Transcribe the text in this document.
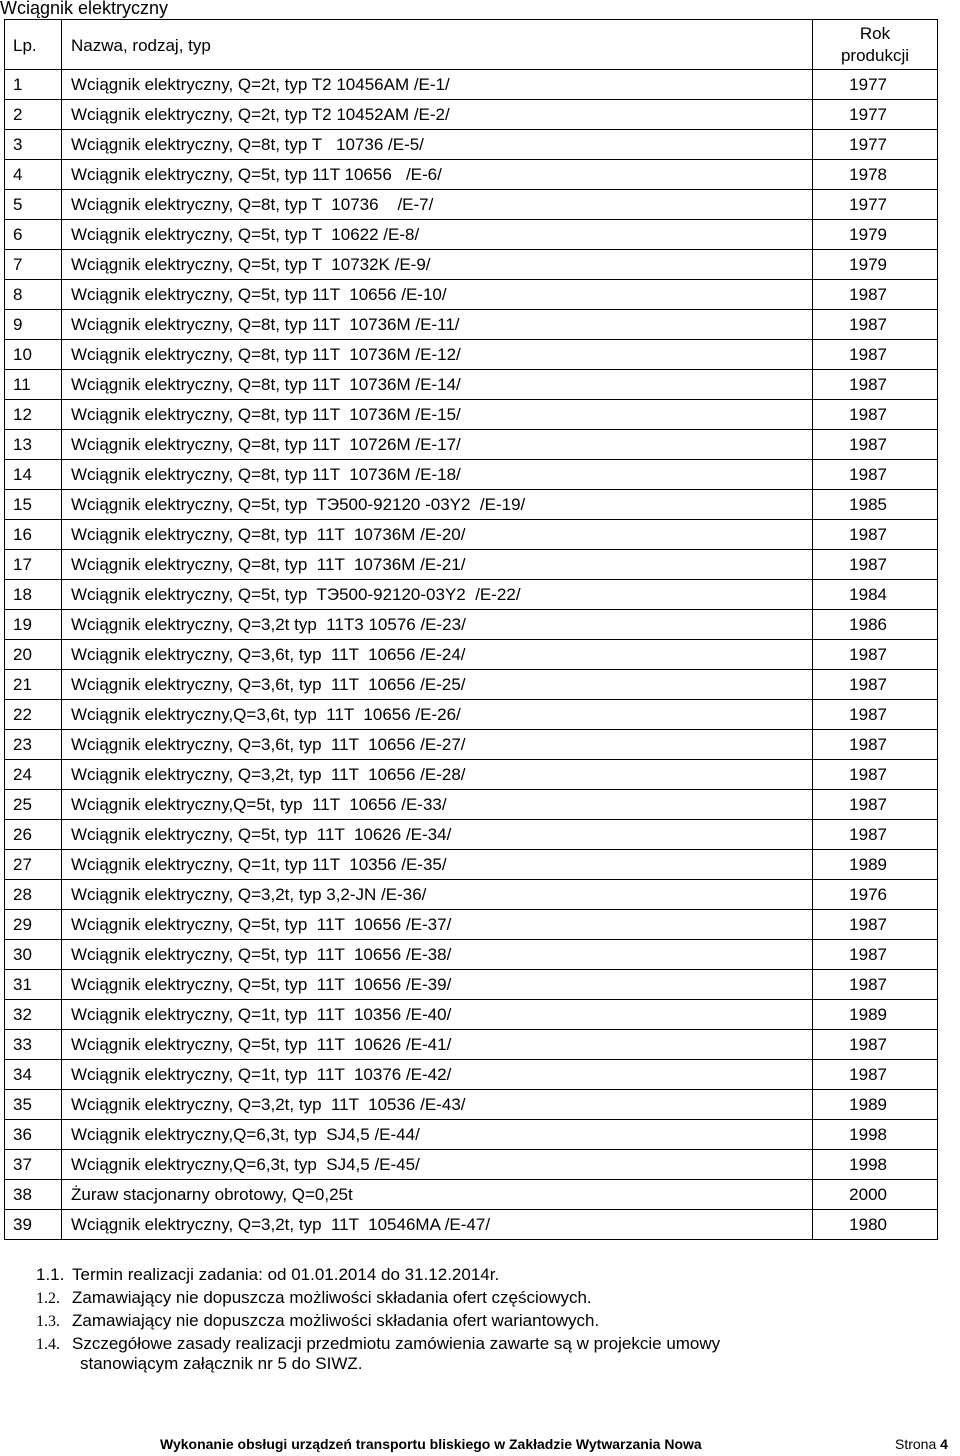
Wciągnik elektryczny
Lp.	Nazwa, rodzaj, typ	Rok
produkcji
1	Wciągnik elektryczny, Q=2t, typ T2 10456AM /E-1/	1977
2	Wciągnik elektryczny, Q=2t, typ T2 10452AM /E-2/	1977
3	Wciągnik elektryczny, Q=8t, typ T   10736 /E-5/	1977
4	Wciągnik elektryczny, Q=5t, typ 11T 10656   /E-6/	1978
5	Wciągnik elektryczny, Q=8t, typ T  10736    /E-7/	1977
6	Wciągnik elektryczny, Q=5t, typ T  10622 /E-8/	1979
7	Wciągnik elektryczny, Q=5t, typ T  10732K /E-9/	1979
8	Wciągnik elektryczny, Q=5t, typ 11T  10656 /E-10/	1987
9	Wciągnik elektryczny, Q=8t, typ 11T  10736M /E-11/	1987
10	Wciągnik elektryczny, Q=8t, typ 11T  10736M /E-12/	1987
11	Wciągnik elektryczny, Q=8t, typ 11T  10736M /E-14/	1987
12	Wciągnik elektryczny, Q=8t, typ 11T  10736M /E-15/	1987
13	Wciągnik elektryczny, Q=8t, typ 11T  10726M /E-17/	1987
14	Wciągnik elektryczny, Q=8t, typ 11T  10736M /E-18/	1987
15	Wciągnik elektryczny, Q=5t, typ  TЭ500-92120 -03Y2  /E-19/	1985
16	Wciągnik elektryczny, Q=8t, typ  11T  10736M /E-20/	1987
17	Wciągnik elektryczny, Q=8t, typ  11T  10736M /E-21/	1987
18	Wciągnik elektryczny, Q=5t, typ  TЭ500-92120-03Y2  /E-22/	1984
19	Wciągnik elektryczny, Q=3,2t typ  11T3 10576 /E-23/	1986
20	Wciągnik elektryczny, Q=3,6t, typ  11T  10656 /E-24/	1987
21	Wciągnik elektryczny, Q=3,6t, typ  11T  10656 /E-25/	1987
22	Wciągnik elektryczny,Q=3,6t, typ  11T  10656 /E-26/	1987
23	Wciągnik elektryczny, Q=3,6t, typ  11T  10656 /E-27/	1987
24	Wciągnik elektryczny, Q=3,2t, typ  11T  10656 /E-28/	1987
25	Wciągnik elektryczny,Q=5t, typ  11T  10656 /E-33/	1987
26	Wciągnik elektryczny, Q=5t, typ  11T  10626 /E-34/	1987
27	Wciągnik elektryczny, Q=1t, typ 11T  10356 /E-35/	1989
28	Wciągnik elektryczny, Q=3,2t, typ 3,2-JN /E-36/	1976
29	Wciągnik elektryczny, Q=5t, typ  11T  10656 /E-37/	1987
30	Wciągnik elektryczny, Q=5t, typ  11T  10656 /E-38/	1987
31	Wciągnik elektryczny, Q=5t, typ  11T  10656 /E-39/	1987
32	Wciągnik elektryczny, Q=1t, typ  11T  10356 /E-40/	1989
33	Wciągnik elektryczny, Q=5t, typ  11T  10626 /E-41/	1987
34	Wciągnik elektryczny, Q=1t, typ  11T  10376 /E-42/	1987
35	Wciągnik elektryczny, Q=3,2t, typ  11T  10536 /E-43/	1989
36	Wciągnik elektryczny,Q=6,3t, typ  SJ4,5 /E-44/	1998
37	Wciągnik elektryczny,Q=6,3t, typ  SJ4,5 /E-45/	1998
38	Żuraw stacjonarny obrotowy, Q=0,25t	2000
39	Wciągnik elektryczny, Q=3,2t, typ  11T  10546MA /E-47/	1980
1.1. Termin realizacji zadania: od 01.01.2014 do 31.12.2014r.
1.2. Zamawiający nie dopuszcza możliwości składania ofert częściowych.
1.3. Zamawiający nie dopuszcza możliwości składania ofert wariantowych.
1.4. Szczegółowe zasady realizacji przedmiotu zamówienia zawarte są w projekcie umowy
stanowiącym załącznik nr 5 do SIWZ.
Wykonanie obsługi urządzeń transportu bliskiego w Zakładzie Wytwarzania Nowa	Strona 4
